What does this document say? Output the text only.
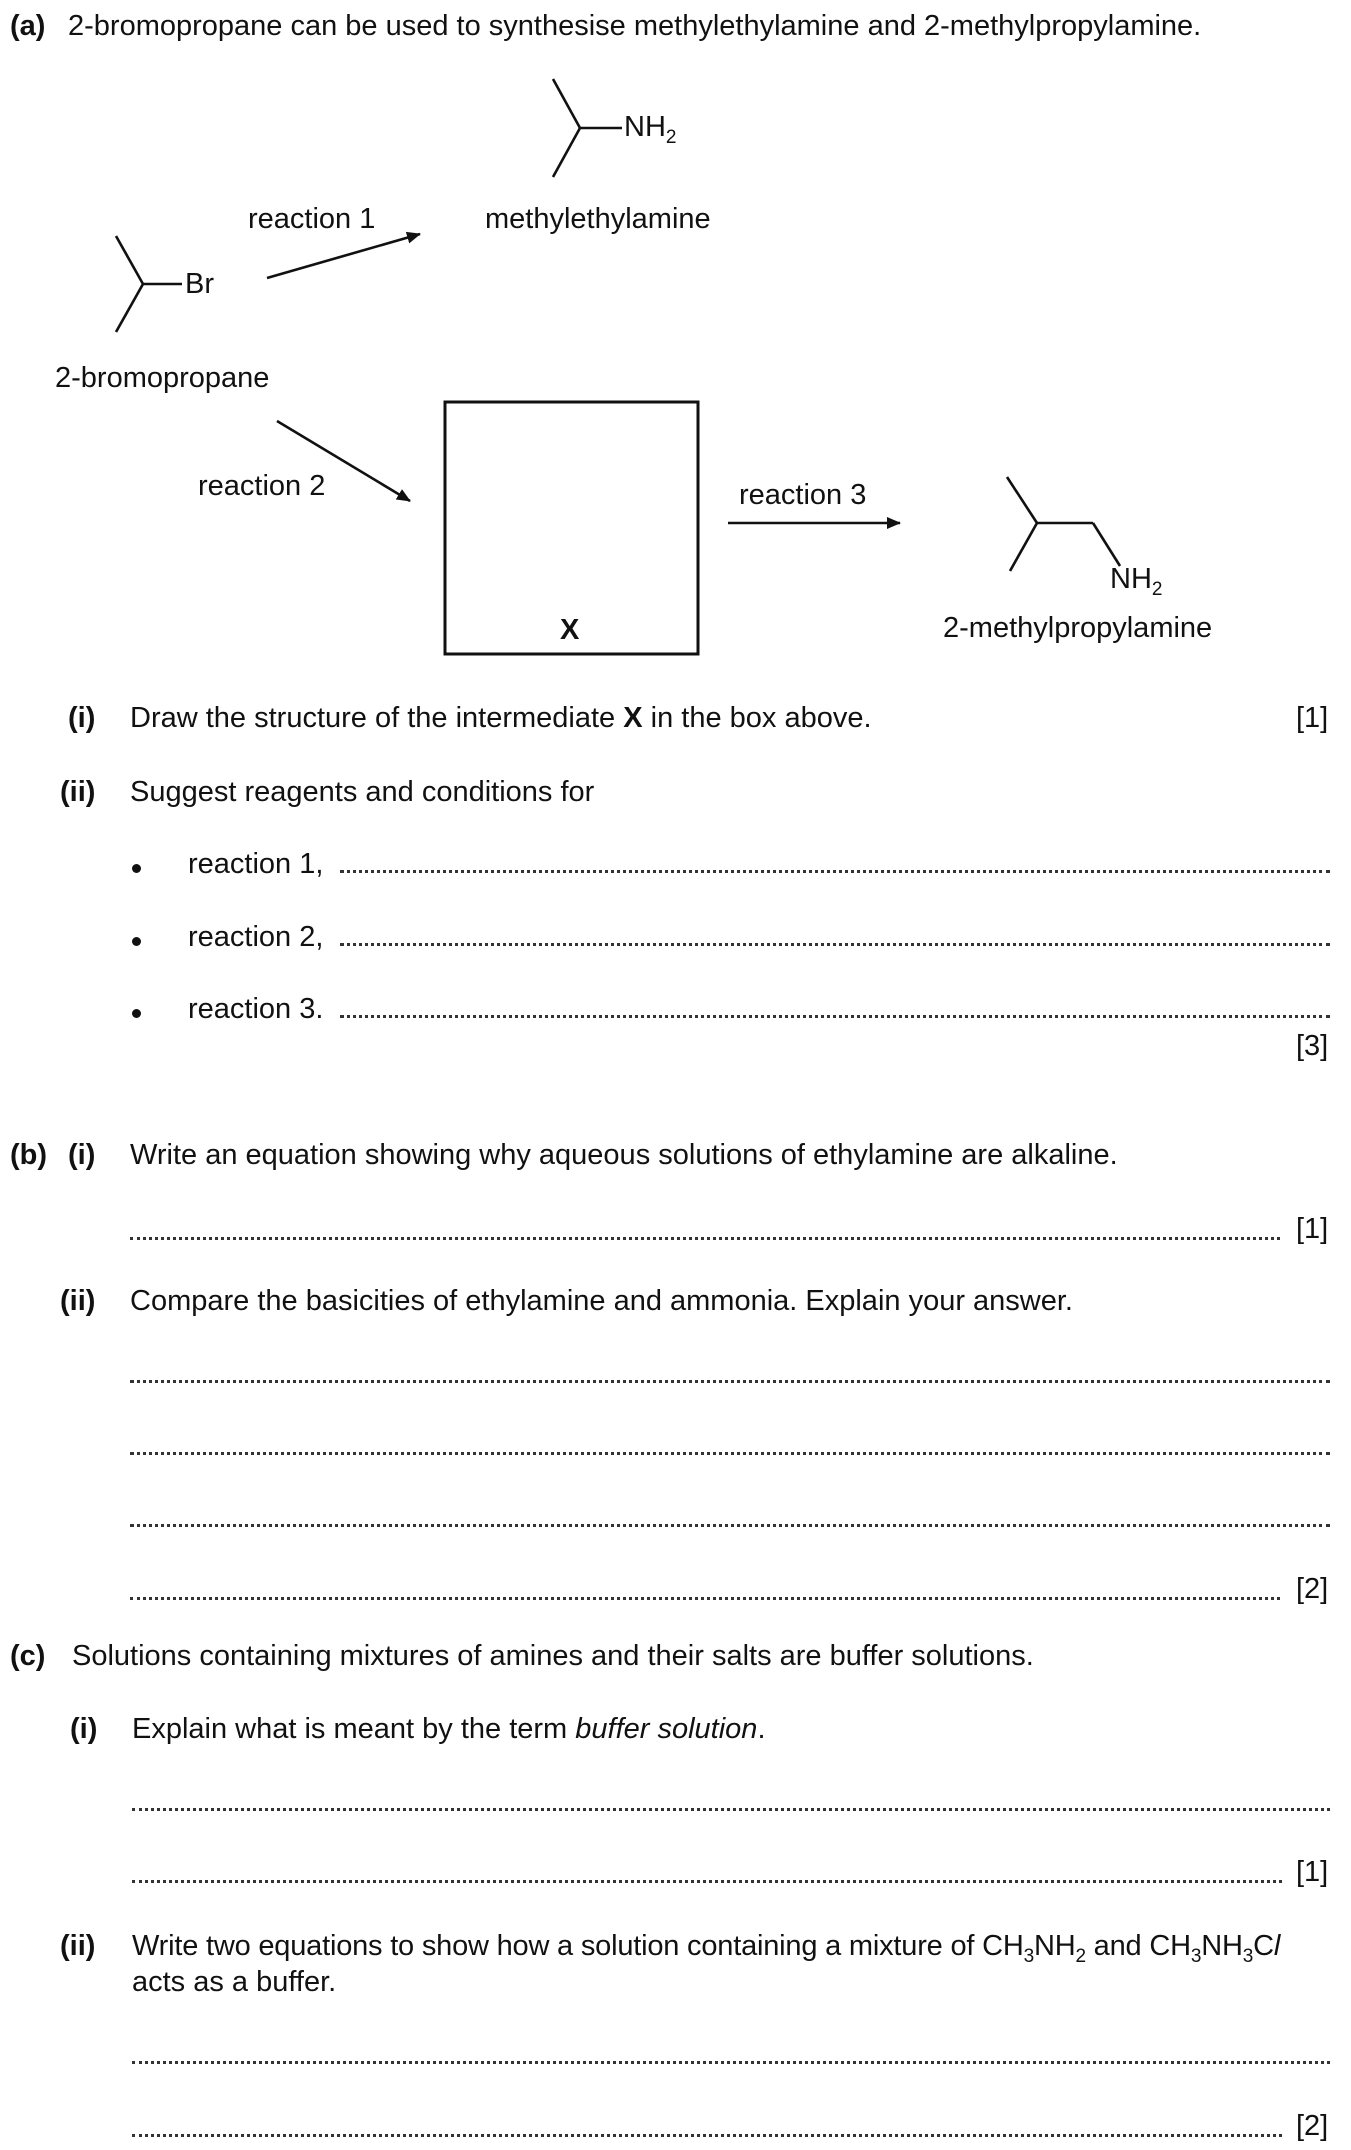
(a) 2-bromopropane can be used to synthesise methylethylamine and 2-methylpropylamine.
$NH_2$
methylethylamine
reaction 1
Br
2-bromopropane
reaction 2	reaction 3
X
$NH_2$
2-methylpropylamine
(i) Draw the structure of the intermediate X in the box above.	[1]
(ii) Suggest reagents and conditions for
reaction 1,
reaction 2,
reaction 3.
[3]
(b) (i) Write an equation showing why aqueous solutions of ethylamine are alkaline.
[1]
(ii) Compare the basicities of ethylamine and ammonia. Explain your answer.
[2]
(c) Solutions containing mixtures of amines and their salts are buffer solutions.
(i) Explain what is meant by the term buffer solution.
[1]
(ii) Write two equations to show how a solution containing a mixture of $CH_3NH_2$ and $CH_3NH_3Cl$
acts as a buffer.
[2]
